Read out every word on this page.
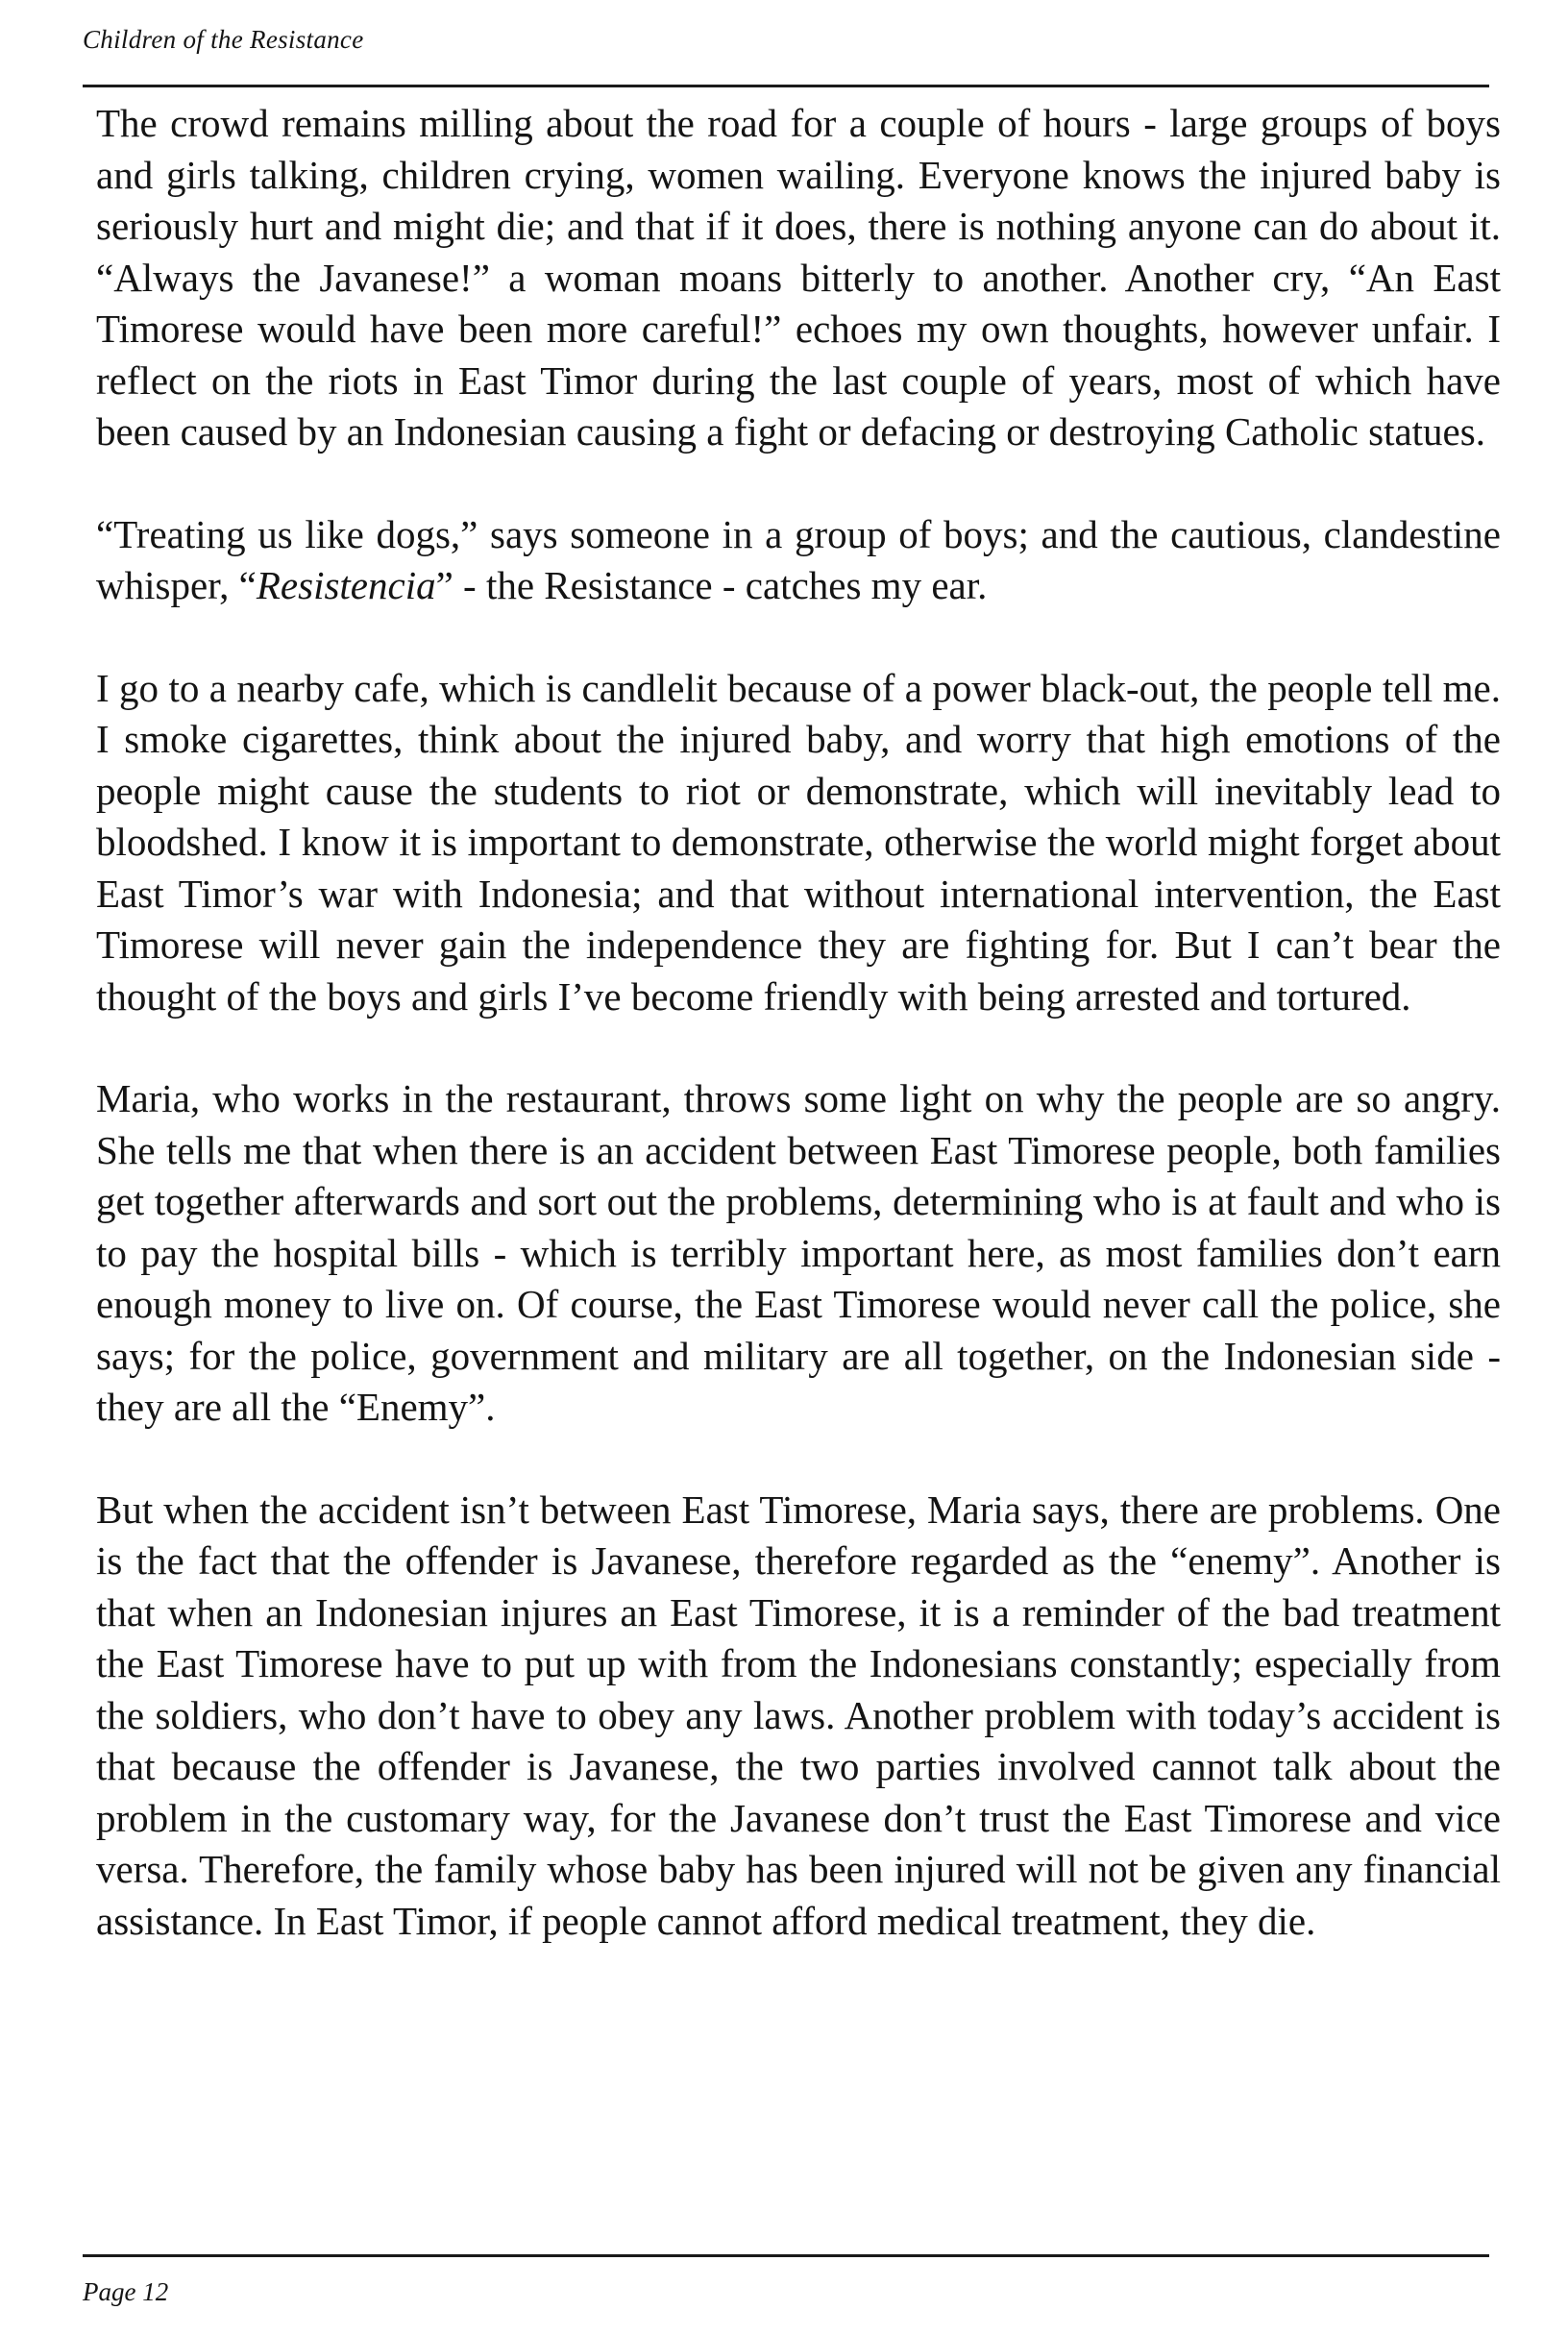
Children of the Resistance

The crowd remains milling about the road for a couple of hours - large groups of boys and girls talking, children crying, women wailing. Everyone knows the injured baby is seriously hurt and might die; and that if it does, there is nothing anyone can do about it. “Always the Javanese!” a woman moans bitterly to another. Another cry, “An East Timorese would have been more careful!” echoes my own thoughts, however unfair. I reflect on the riots in East Timor during the last couple of years, most of which have been caused by an Indonesian causing a fight or defacing or destroying Catholic statues.

“Treating us like dogs,” says someone in a group of boys; and the cautious, clandestine whisper, “Resistencia” - the Resistance - catches my ear.

I go to a nearby cafe, which is candlelit because of a power black-out, the people tell me. I smoke cigarettes, think about the injured baby, and worry that high emotions of the people might cause the students to riot or demonstrate, which will inevitably lead to bloodshed. I know it is important to demonstrate, otherwise the world might forget about East Timor’s war with Indonesia; and that without international intervention, the East Timorese will never gain the independence they are fighting for. But I can’t bear the thought of the boys and girls I’ve become friendly with being arrested and tortured.

Maria, who works in the restaurant, throws some light on why the people are so angry. She tells me that when there is an accident between East Timorese people, both families get together afterwards and sort out the problems, determining who is at fault and who is to pay the hospital bills - which is terribly important here, as most families don’t earn enough money to live on. Of course, the East Timorese would never call the police, she says; for the police, government and military are all together, on the Indonesian side - they are all the “Enemy”.

But when the accident isn’t between East Timorese, Maria says, there are problems. One is the fact that the offender is Javanese, therefore regarded as the “enemy”. Another is that when an Indonesian injures an East Timorese, it is a reminder of the bad treatment the East Timorese have to put up with from the Indonesians constantly; especially from the soldiers, who don’t have to obey any laws. Another problem with today’s accident is that because the offender is Javanese, the two parties involved cannot talk about the problem in the customary way, for the Javanese don’t trust the East Timorese and vice versa. Therefore, the family whose baby has been injured will not be given any financial assistance. In East Timor, if people cannot afford medical treatment, they die.

Page 12
